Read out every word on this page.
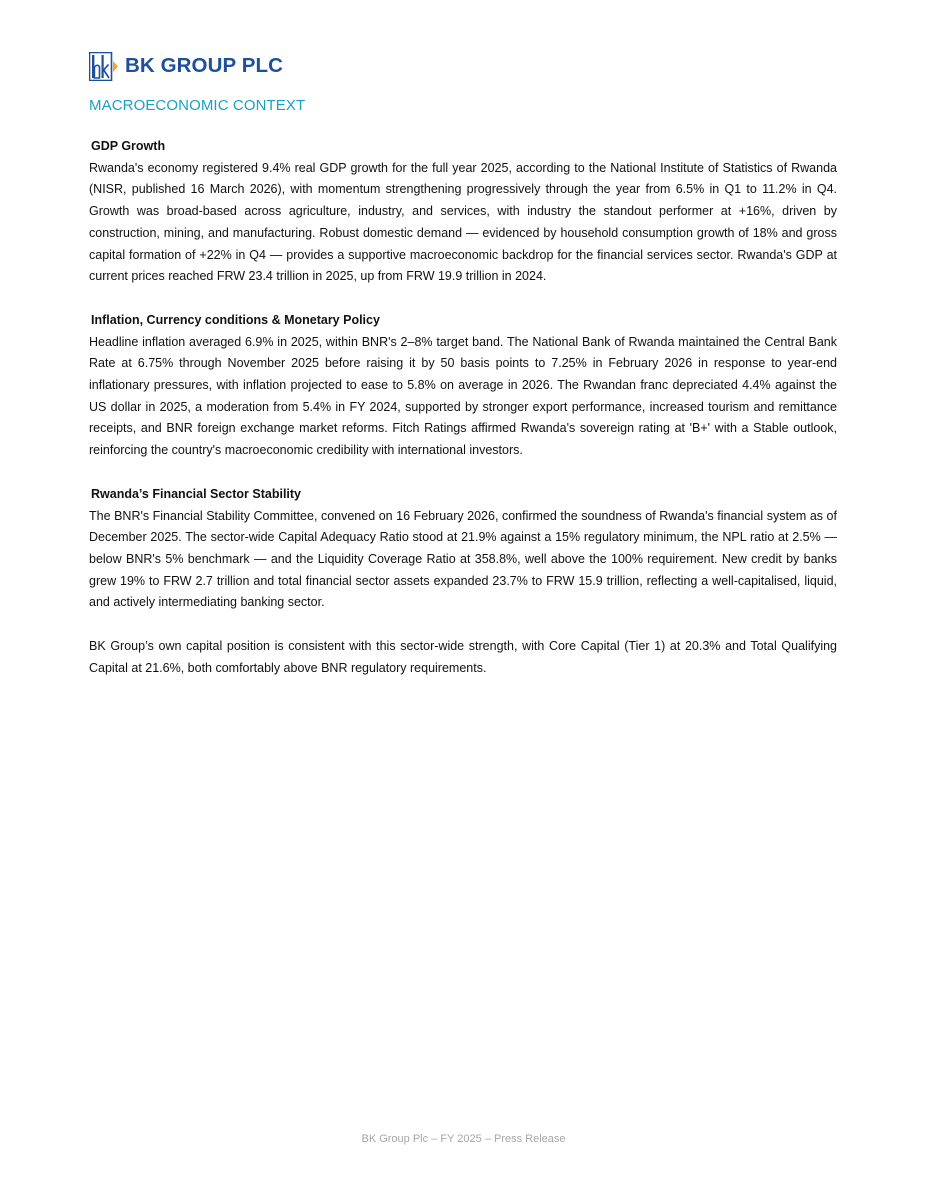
BK GROUP PLC
MACROECONOMIC CONTEXT
GDP Growth
Rwanda's economy registered 9.4% real GDP growth for the full year 2025, according to the National Institute of Statistics of Rwanda (NISR, published 16 March 2026), with momentum strengthening progressively through the year from 6.5% in Q1 to 11.2% in Q4. Growth was broad-based across agriculture, industry, and services, with industry the standout performer at +16%, driven by construction, mining, and manufacturing. Robust domestic demand — evidenced by household consumption growth of 18% and gross capital formation of +22% in Q4 — provides a supportive macroeconomic backdrop for the financial services sector. Rwanda's GDP at current prices reached FRW 23.4 trillion in 2025, up from FRW 19.9 trillion in 2024.
Inflation, Currency conditions & Monetary Policy
Headline inflation averaged 6.9% in 2025, within BNR's 2–8% target band. The National Bank of Rwanda maintained the Central Bank Rate at 6.75% through November 2025 before raising it by 50 basis points to 7.25% in February 2026 in response to year-end inflationary pressures, with inflation projected to ease to 5.8% on average in 2026. The Rwandan franc depreciated 4.4% against the US dollar in 2025, a moderation from 5.4% in FY 2024, supported by stronger export performance, increased tourism and remittance receipts, and BNR foreign exchange market reforms. Fitch Ratings affirmed Rwanda's sovereign rating at 'B+' with a Stable outlook, reinforcing the country's macroeconomic credibility with international investors.
Rwanda’s Financial Sector Stability
The BNR's Financial Stability Committee, convened on 16 February 2026, confirmed the soundness of Rwanda's financial system as of December 2025. The sector-wide Capital Adequacy Ratio stood at 21.9% against a 15% regulatory minimum, the NPL ratio at 2.5% — below BNR's 5% benchmark — and the Liquidity Coverage Ratio at 358.8%, well above the 100% requirement. New credit by banks grew 19% to FRW 2.7 trillion and total financial sector assets expanded 23.7% to FRW 15.9 trillion, reflecting a well-capitalised, liquid, and actively intermediating banking sector.
BK Group’s own capital position is consistent with this sector-wide strength, with Core Capital (Tier 1) at 20.3% and Total Qualifying Capital at 21.6%, both comfortably above BNR regulatory requirements.
BK Group Plc – FY 2025 – Press Release
